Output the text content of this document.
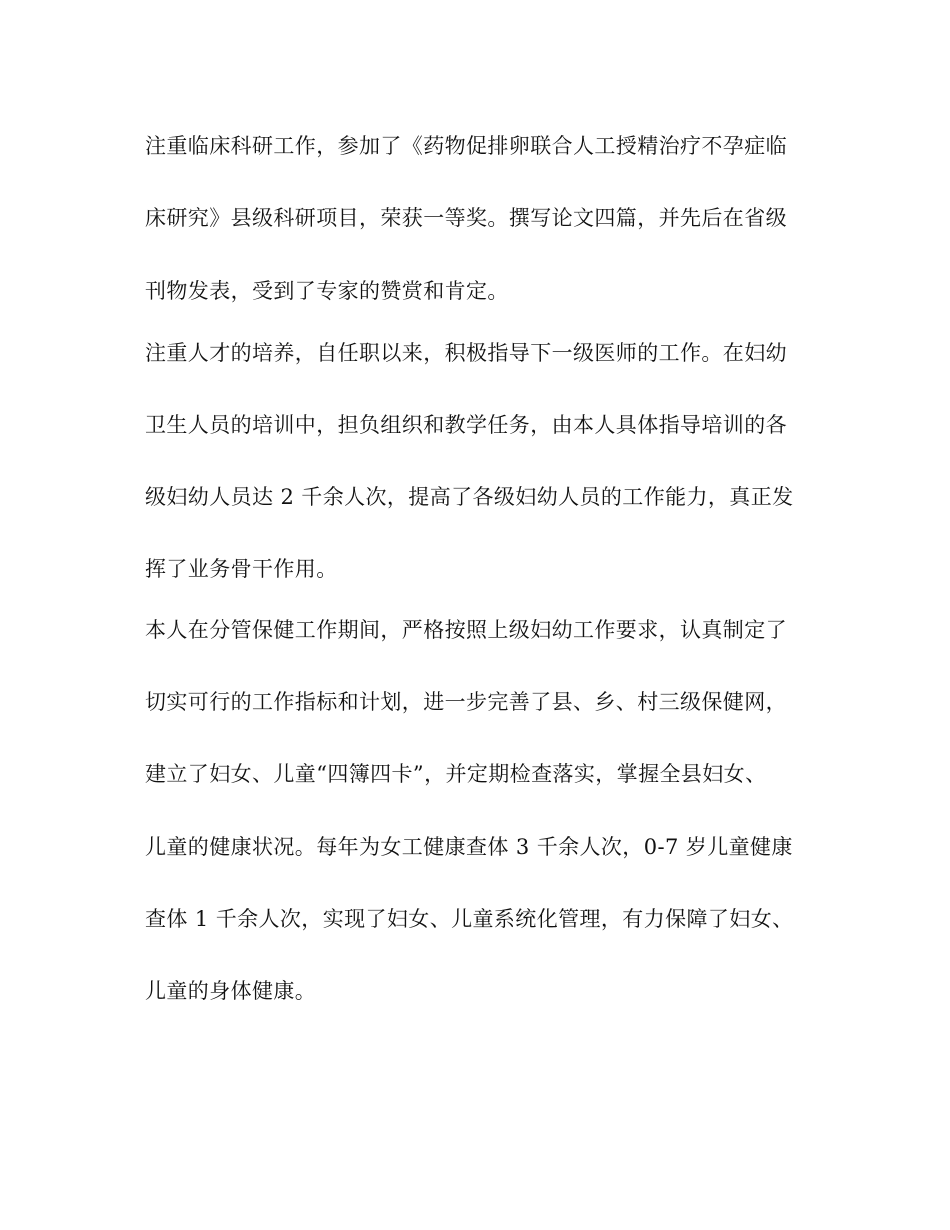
注重临床科研工作，参加了《药物促排卵联合人工授精治疗不孕症临
床研究》县级科研项目，荣获一等奖。撰写论文四篇，并先后在省级
刊物发表，受到了专家的赞赏和肯定。
注重人才的培养，自任职以来，积极指导下一级医师的工作。在妇幼
卫生人员的培训中，担负组织和教学任务，由本人具体指导培训的各
级妇幼人员达 2 千余人次，提高了各级妇幼人员的工作能力，真正发
挥了业务骨干作用。
本人在分管保健工作期间，严格按照上级妇幼工作要求，认真制定了
切实可行的工作指标和计划，进一步完善了县、乡、村三级保健网，
建立了妇女、儿童“四簿四卡”，并定期检查落实，掌握全县妇女、
儿童的健康状况。每年为女工健康查体 3 千余人次，0-7 岁儿童健康
查体 1 千余人次，实现了妇女、儿童系统化管理，有力保障了妇女、
儿童的身体健康。
